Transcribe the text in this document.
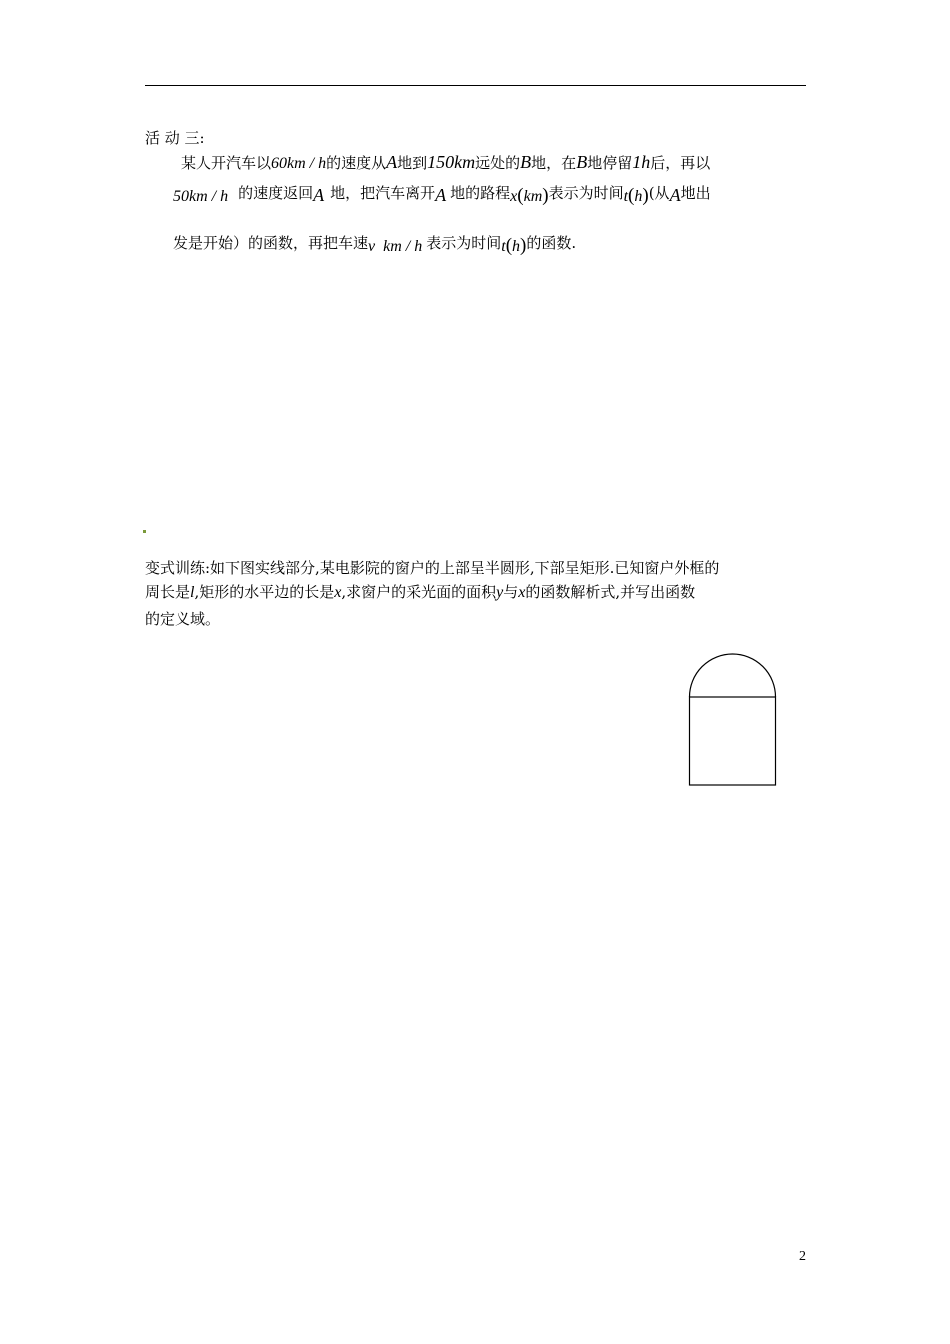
活 动 三:
某人开汽车以60km / h的速度从A地到150km远处的B地，在B地停留1h后，再以
50km / h 的速度返回A 地，把汽车离开A 地的路程x(km)表示为时间t(h)(从A地出
发是开始）的函数，再把车速v  km / h 表示为时间t(h)的函数.
变式训练:如下图实线部分,某电影院的窗户的上部呈半圆形,下部呈矩形.已知窗户外框的
周长是l,矩形的水平边的长是x,求窗户的采光面的面积y与x的函数解析式,并写出函数
的定义域。
2
